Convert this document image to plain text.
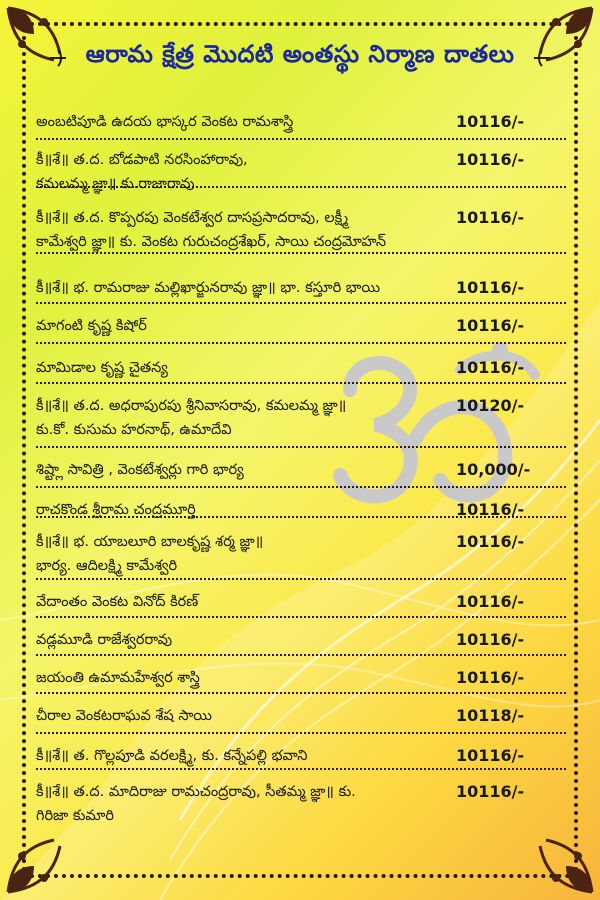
ఆరామ క్షేత్ర మొదటి అంతస్థు నిర్మాణ దాతలు
అంబటిపూడి ఉదయ భాస్కర వెంకట రామశాస్త్రి	10116/-
కీ॥శే॥ త.ద. బోడపాటి నరసింహారావు,
కమలమ్మ జ్ఞా॥ కు.రాజారావు
10116/-
కీ॥శే॥ త.ద. కొప్పరపు వెంకటేశ్వర దాసప్రసాదరావు, లక్ష్మీ
కామేశ్వరి జ్ఞా॥ కు. వెంకట గురుచంద్రశేఖర్, సాయి చంద్రమోహన్
10116/-
కీ॥శే॥ భ. రామరాజు మల్లిఖార్జునరావు జ్ఞా॥ భా. కస్తూరి భాయి	10116/-
మాగంటి కృష్ణ కిషోర్	10116/-
మామిడాల కృష్ణ చైతన్య	10116/-
కీ॥శే॥ త.ద. అధరాపురపు శ్రీనివాసరావు, కమలమ్మ జ్ఞా॥
కు.కో. కుసుమ హరనాథ్, ఉమాదేవి
10120/-
శిష్ట్లా సావిత్రి , వెంకటేశ్వర్లు గారి భార్య	10,000/-
రాచకొండ శ్రీరామ చంద్రమూర్తి	10116/-
కీ॥శే॥ భ. యాబలూరి బాలకృష్ణ శర్మ జ్ఞా॥
భార్య. ఆదిలక్ష్మి కామేశ్వరి
10116/-
వేదాంతం వెంకట వినోద్ కిరణ్	10116/-
వడ్లమూడి రాజేశ్వరరావు	10116/-
జయంతి ఉమామహేశ్వర శాస్త్రి	10116/-
చీరాల వెంకటరాఘవ శేష సాయి	10118/-
కీ॥శే॥ త. గొల్లపూడి వరలక్ష్మి, కు. కన్నేపల్లి భవాని	10116/-
కీ॥శే॥ త.ద. మాదిరాజు రామచంద్రరావు, సీతమ్మ జ్ఞా॥ కు.
గిరిజా కుమారి
10116/-
